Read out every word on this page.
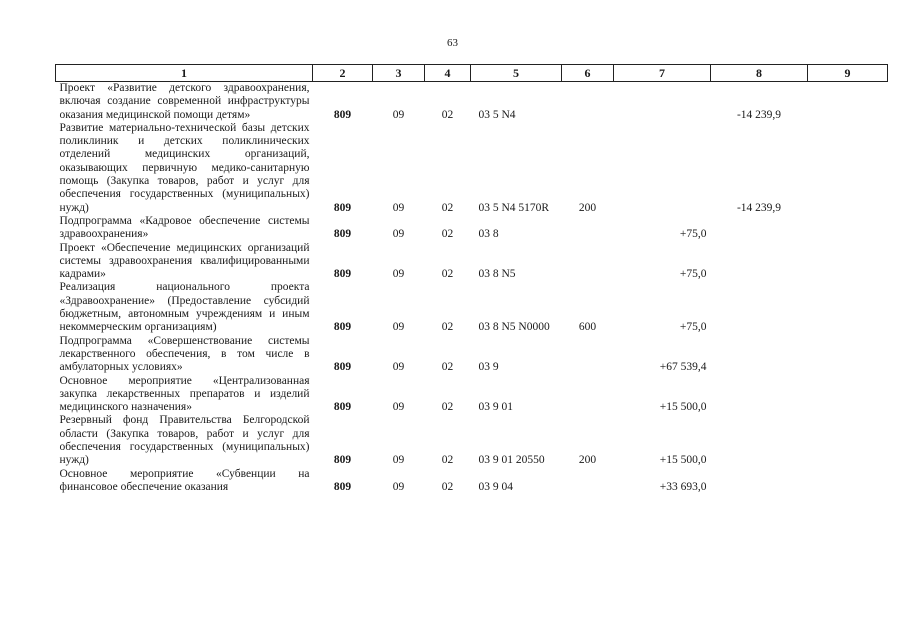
63
1	2	3	4	5	6	7	8	9
Проект «Развитие детского здравоохранения, включая создание современной инфраструктуры оказания медицинской помощи детям»	809	09	02	03 5 N4			-14 239,9	
Развитие материально-технической базы детских поликлиник и детских поликлинических отделений медицинских организаций, оказывающих первичную медико-санитарную помощь (Закупка товаров, работ и услуг для обеспечения государственных (муниципальных) нужд)	809	09	02	03 5 N4 5170R	200		-14 239,9	
Подпрограмма «Кадровое обеспечение системы здравоохранения»	809	09	02	03 8		+75,0		
Проект «Обеспечение медицинских организаций системы здравоохранения квалифицированными кадрами»	809	09	02	03 8 N5		+75,0		
Реализация национального проекта «Здравоохранение» (Предоставление субсидий бюджетным, автономным учреждениям и иным некоммерческим организациям)	809	09	02	03 8 N5 N0000	600	+75,0		
Подпрограмма «Совершенствование системы лекарственного обеспечения, в том числе в амбулаторных условиях»	809	09	02	03 9		+67 539,4		
Основное мероприятие «Централизованная закупка лекарственных препаратов и изделий медицинского назначения»	809	09	02	03 9 01		+15 500,0		
Резервный фонд Правительства Белгородской области (Закупка товаров, работ и услуг для обеспечения государственных (муниципальных) нужд)	809	09	02	03 9 01 20550	200	+15 500,0		
Основное мероприятие «Субвенции на финансовое обеспечение оказания	809	09	02	03 9 04		+33 693,0		
